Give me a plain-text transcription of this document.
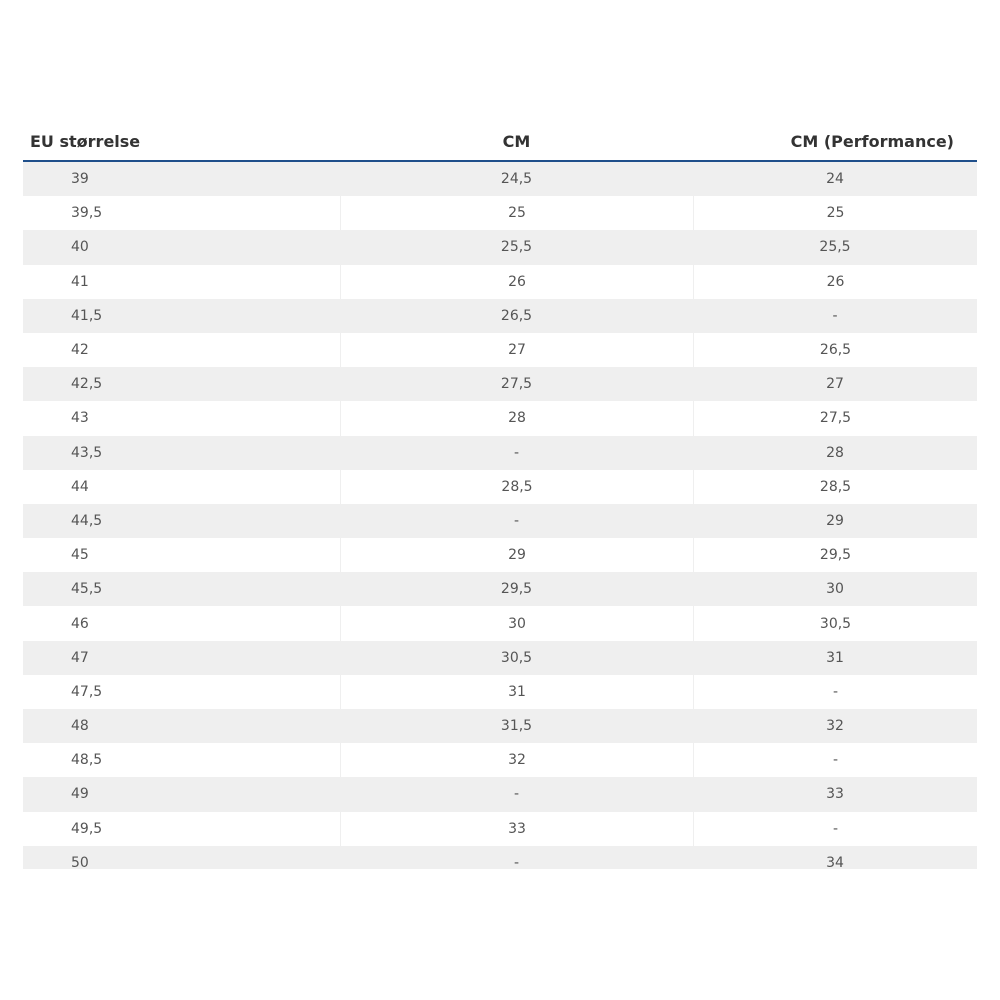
EU størrelse	CM	CM (Performance)
39	24,5	24
39,5	25	25
40	25,5	25,5
41	26	26
41,5	26,5	-
42	27	26,5
42,5	27,5	27
43	28	27,5
43,5	-	28
44	28,5	28,5
44,5	-	29
45	29	29,5
45,5	29,5	30
46	30	30,5
47	30,5	31
47,5	31	-
48	31,5	32
48,5	32	-
49	-	33
49,5	33	-
50	-	34
